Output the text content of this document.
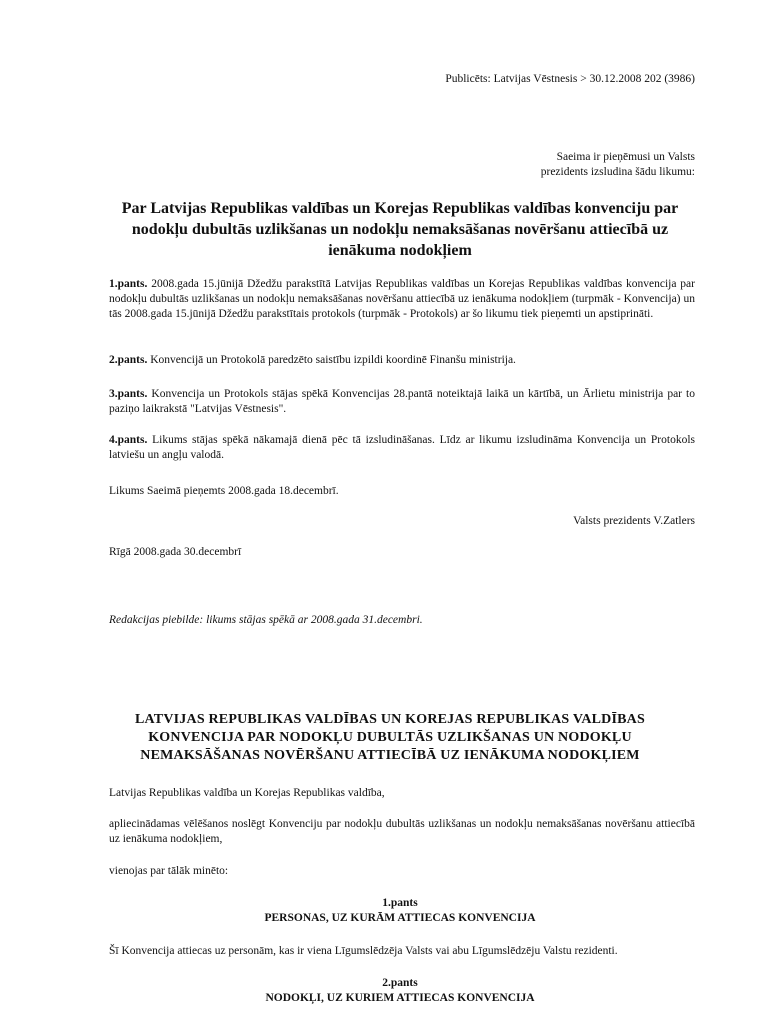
Publicēts: Latvijas Vēstnesis > 30.12.2008 202 (3986)
Saeima ir pieņēmusi un Valsts
prezidents izsludina šādu likumu:
Par Latvijas Republikas valdības un Korejas Republikas valdības konvenciju par nodokļu dubultās uzlikšanas un nodokļu nemaksāšanas novēršanu attiecībā uz ienākuma nodokļiem
1.pants. 2008.gada 15.jūnijā Džedžu parakstītā Latvijas Republikas valdības un Korejas Republikas valdības konvencija par nodokļu dubultās uzlikšanas un nodokļu nemaksāšanas novēršanu attiecībā uz ienākuma nodokļiem (turpmāk - Konvencija) un tās 2008.gada 15.jūnijā Džedžu parakstītais protokols (turpmāk - Protokols) ar šo likumu tiek pieņemti un apstiprināti.
2.pants. Konvencijā un Protokolā paredzēto saistību izpildi koordinē Finanšu ministrija.
3.pants. Konvencija un Protokols stājas spēkā Konvencijas 28.pantā noteiktajā laikā un kārtībā, un Ārlietu ministrija par to paziņo laikrakstā "Latvijas Vēstnesis".
4.pants. Likums stājas spēkā nākamajā dienā pēc tā izsludināšanas. Līdz ar likumu izsludināma Konvencija un Protokols latviešu un angļu valodā.
Likums Saeimā pieņemts 2008.gada 18.decembrī.
Valsts prezidents V.Zatlers
Rīgā 2008.gada 30.decembrī
Redakcijas piebilde: likums stājas spēkā ar 2008.gada 31.decembri.
LATVIJAS REPUBLIKAS VALDĪBAS UN KOREJAS REPUBLIKAS VALDĪBAS KONVENCIJA PAR NODOKĻU DUBULTĀS UZLIKŠANAS UN NODOKĻU NEMAKSĀŠANAS NOVĒRŠANU ATTIECĪBĀ UZ IENĀKUMA NODOKĻIEM
Latvijas Republikas valdība un Korejas Republikas valdība,
apliecinādamas vēlēšanos noslēgt Konvenciju par nodokļu dubultās uzlikšanas un nodokļu nemaksāšanas novēršanu attiecībā uz ienākuma nodokļiem,
vienojas par tālāk minēto:
1.pants
PERSONAS, UZ KURĀM ATTIECAS KONVENCIJA
Šī Konvencija attiecas uz personām, kas ir viena Līgumslēdzēja Valsts vai abu Līgumslēdzēju Valstu rezidenti.
2.pants
NODOKĻI, UZ KURIEM ATTIECAS KONVENCIJA
